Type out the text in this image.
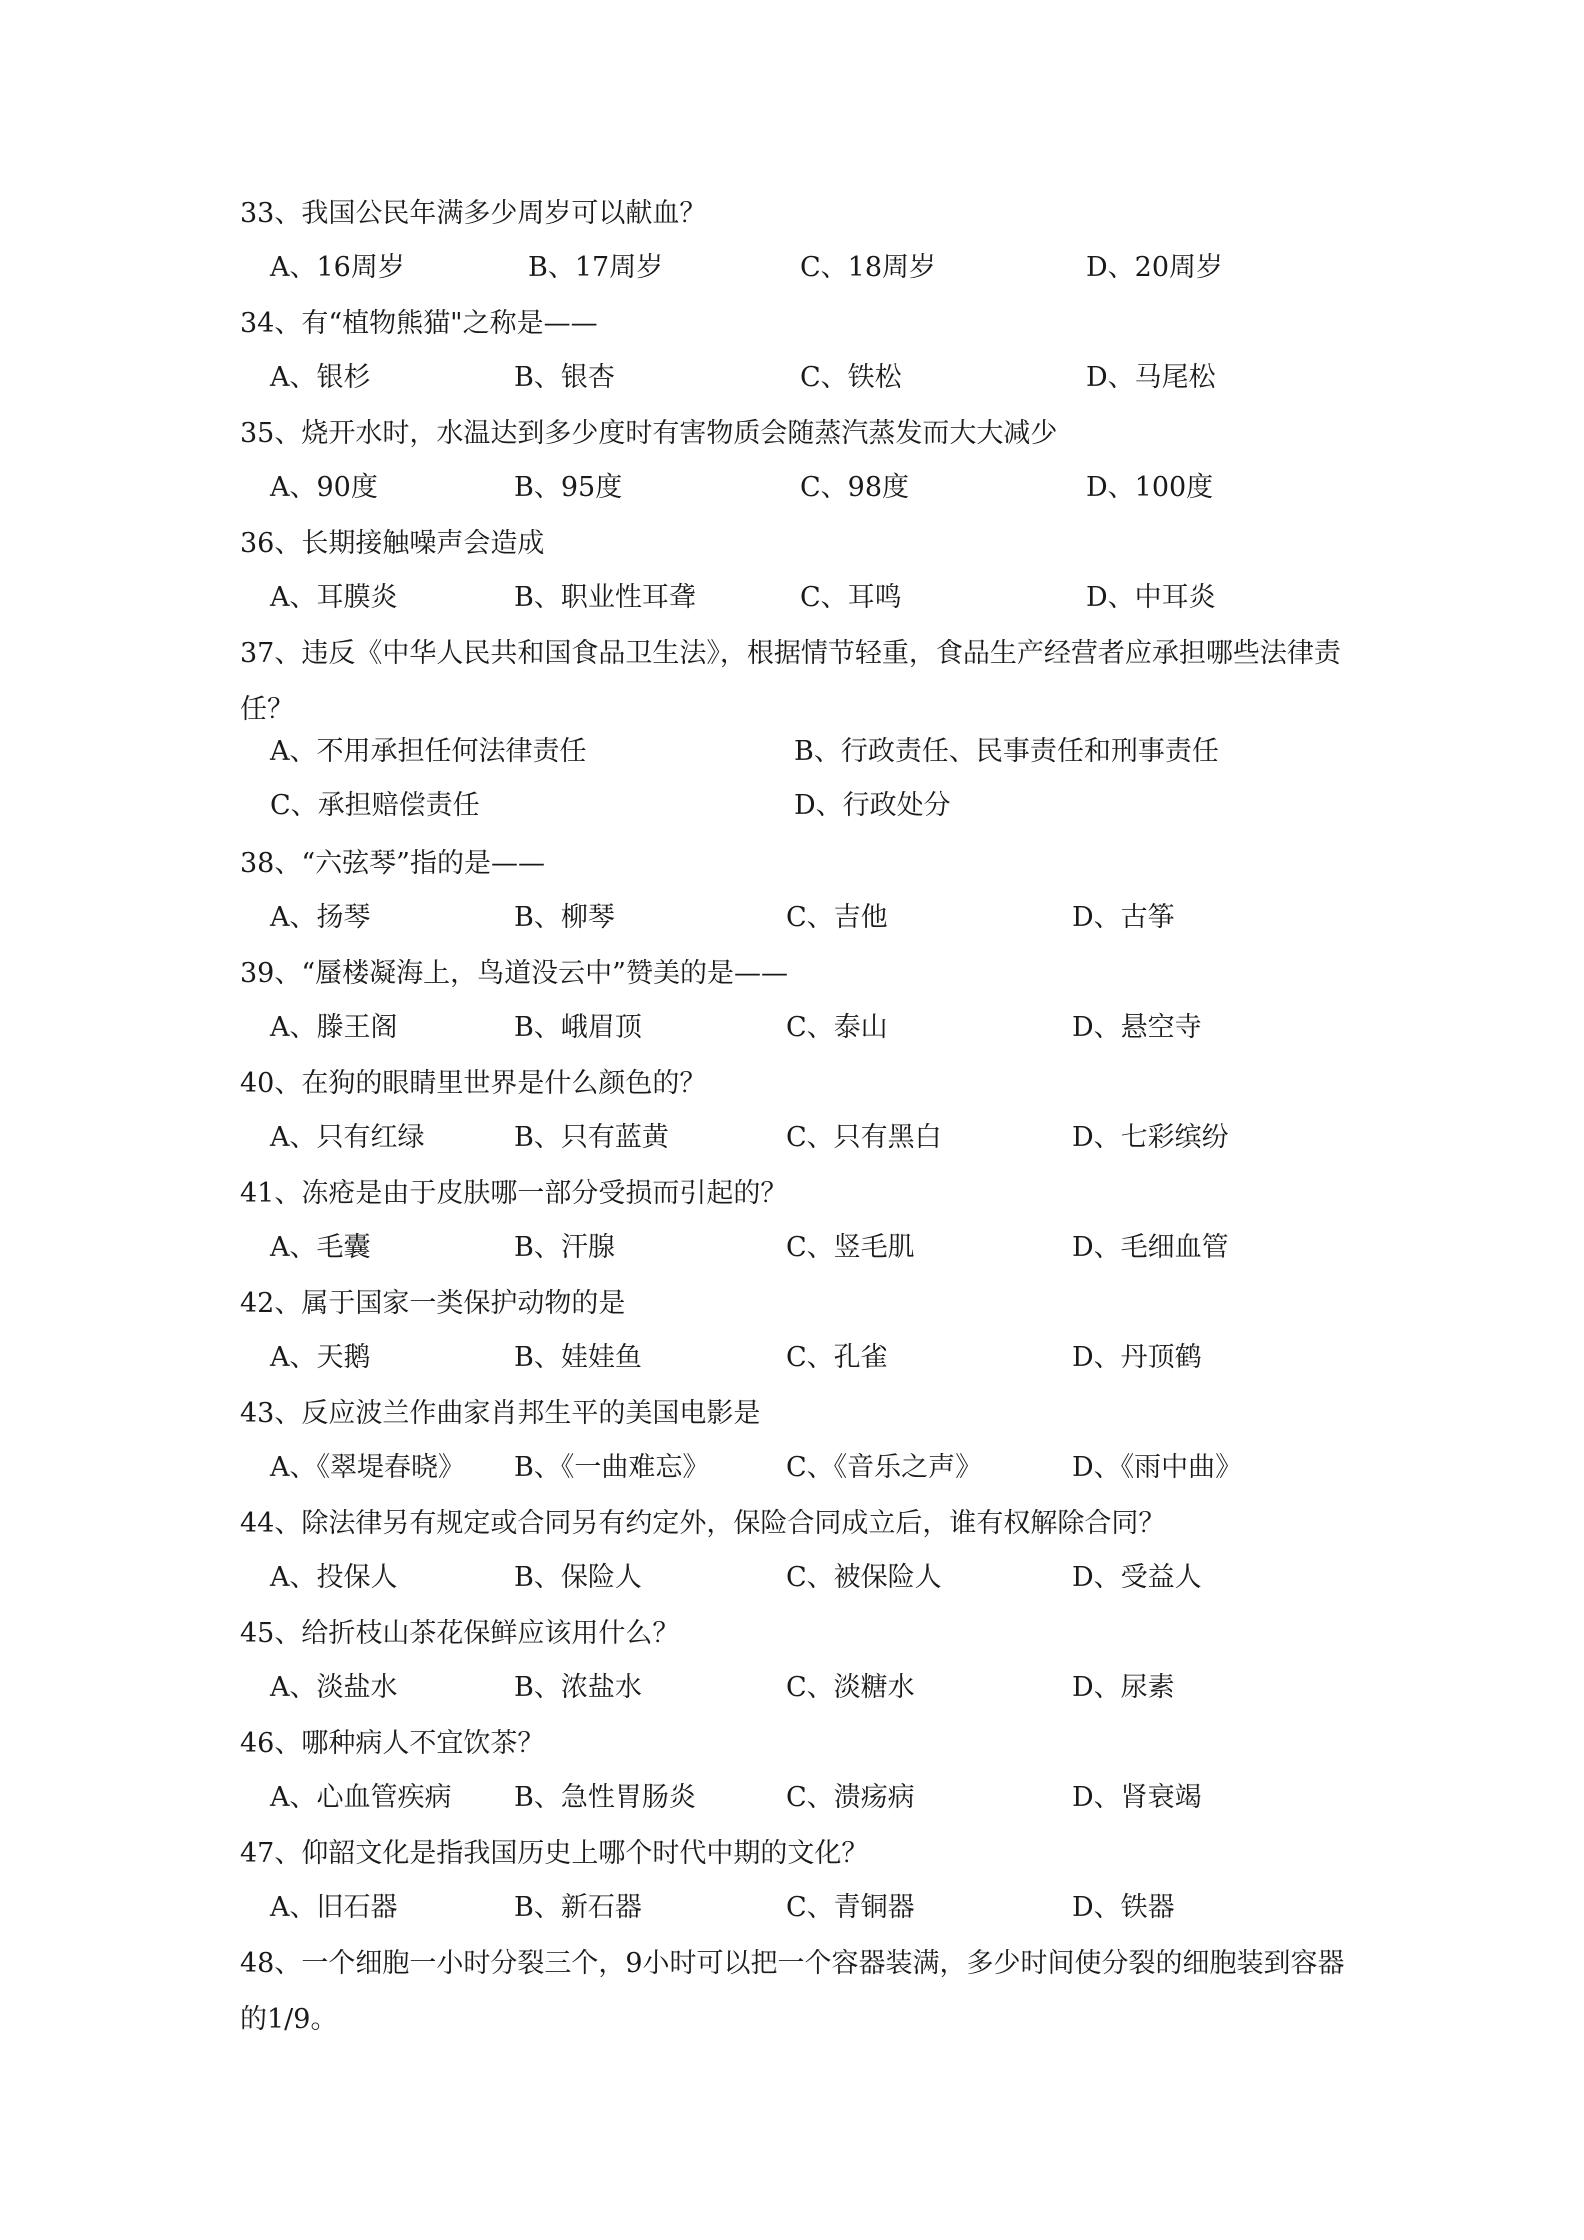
33、我国公民年满多少周岁可以献血？
A、16周岁	B、17周岁	C、18周岁	D、20周岁
34、有“植物熊猫"之称是——
A、银杉	B、银杏	C、铁松	D、马尾松
35、烧开水时，水温达到多少度时有害物质会随蒸汽蒸发而大大减少
A、90度	B、95度	C、98度	D、100度
36、长期接触噪声会造成
A、耳膜炎	B、职业性耳聋	C、耳鸣	D、中耳炎
37、违反《中华人民共和国食品卫生法》，根据情节轻重，食品生产经营者应承担哪些法律责任？
A、不用承担任何法律责任	B、行政责任、民事责任和刑事责任
C、承担赔偿责任	D、行政处分
38、“六弦琴”指的是——
A、扬琴	B、柳琴	C、吉他	D、古筝
39、“蜃楼凝海上，鸟道没云中”赞美的是——
A、滕王阁	B、峨眉顶	C、泰山	D、悬空寺
40、在狗的眼睛里世界是什么颜色的？
A、只有红绿	B、只有蓝黄	C、只有黑白	D、七彩缤纷
41、冻疮是由于皮肤哪一部分受损而引起的？
A、毛囊	B、汗腺	C、竖毛肌	D、毛细血管
42、属于国家一类保护动物的是
A、天鹅	B、娃娃鱼	C、孔雀	D、丹顶鹤
43、反应波兰作曲家肖邦生平的美国电影是
A、《翠堤春晓》 B、《一曲难忘》	C、《音乐之声》	D、《雨中曲》
44、除法律另有规定或合同另有约定外，保险合同成立后，谁有权解除合同？
A、投保人	B、保险人	C、被保险人	D、受益人
45、给折枝山茶花保鲜应该用什么？
A、淡盐水	B、浓盐水	C、淡糖水	D、尿素
46、哪种病人不宜饮茶？
A、心血管疾病 B、急性胃肠炎	C、溃疡病	D、肾衰竭
47、仰韶文化是指我国历史上哪个时代中期的文化？
A、旧石器	B、新石器	C、青铜器	D、铁器
48、一个细胞一小时分裂三个，9小时可以把一个容器装满，多少时间使分裂的细胞装到容器的1/9。
